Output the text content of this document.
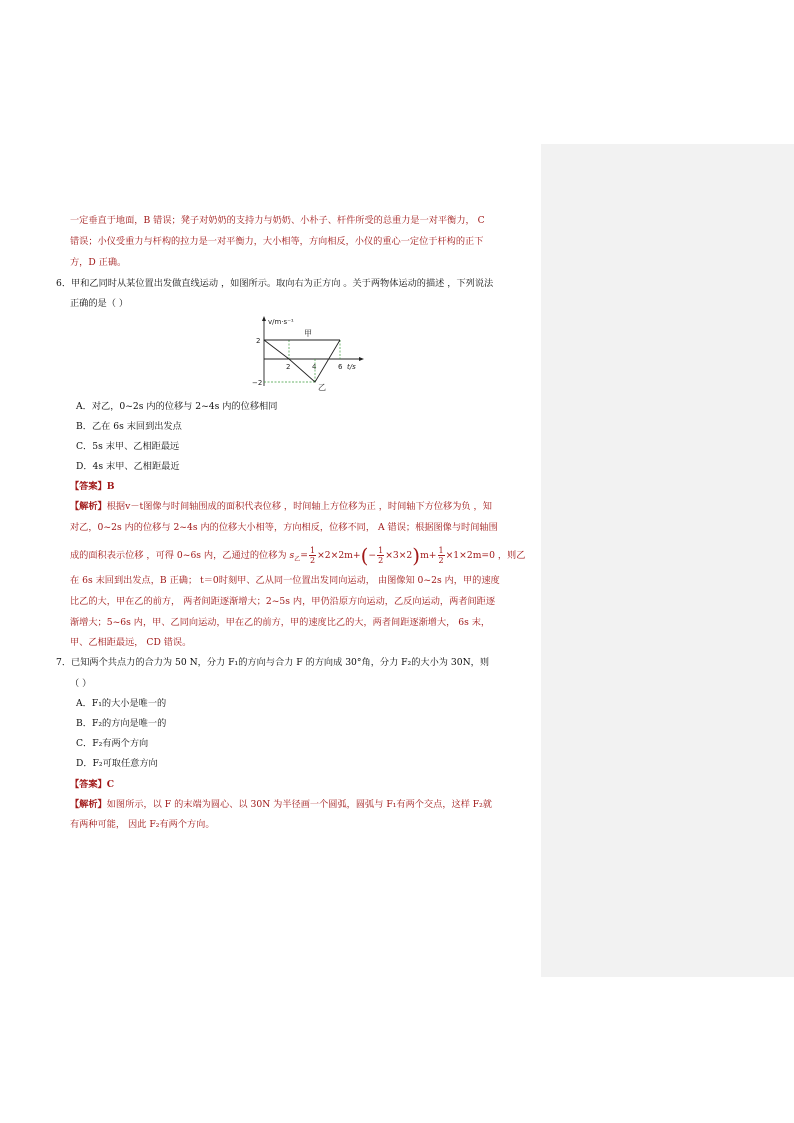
一定垂直于地面，B 错误；凳子对奶奶的支持力与奶奶、小朴子、杆件所受的总重力是一对平衡力， C
错误；小仪受重力与杆构的拉力是一对平衡力，大小相等，方向相反，小仪的重心一定位于杆构的正下
方，D 正确。
6．甲和乙同时从某位置出发做直线运动 ，如图所示。取向右为正方向 。关于两物体运动的描述 ，下列说法
正确的是（ ）
v/m·s⁻¹
t/s
2
−2
2	4	6
甲
乙
A．对乙，0~2s 内的位移与 2~4s 内的位移相同
B．乙在 6s 末回到出发点
C．5s 末甲、乙相距最远
D．4s 末甲、乙相距最近
【答案】B
【解析】根据v－t图像与时间轴围成的面积代表位移 ，时间轴上方位移为正 ，时间轴下方位移为负 ，知
对乙，0~2s 内的位移与 2~4s 内的位移大小相等，方向相反，位移不同， A 错误；根据图像与时间轴围
成的面积表示位移 ，可得 0~6s 内，乙通过的位移为 $s_乙= \frac{1}{2} \times 2\times 2m+(- \frac{1}{2} \times 3\times 2)m+ \frac{1}{2} \times 1\times 2m=0$ ，则乙
在 6s 末回到出发点，B 正确； t＝0时刻甲、乙从同一位置出发同向运动， 由图像知 0~2s 内，甲的速度
比乙的大，甲在乙的前方， 两者间距逐渐增大；2~5s 内，甲仍沿原方向运动，乙反向运动，两者间距逐
渐增大；5~6s 内，甲、乙同向运动，甲在乙的前方，甲的速度比乙的大，两者间距逐渐增大， 6s 末，
甲、乙相距最远， CD 错误。
7．已知两个共点力的合力为 50 N，分力 F₁的方向与合力 F 的方向成 30°角，分力 F₂的大小为 30N，则
（ ）
A．F₁的大小是唯一的
B．F₂的方向是唯一的
C．F₂有两个方向
D．F₂可取任意方向
【答案】C
【解析】如图所示，以 F 的末端为圆心、以 30N 为半径画一个圆弧，圆弧与 F₁有两个交点，这样 F₂就
有两种可能， 因此 F₂有两个方向。
